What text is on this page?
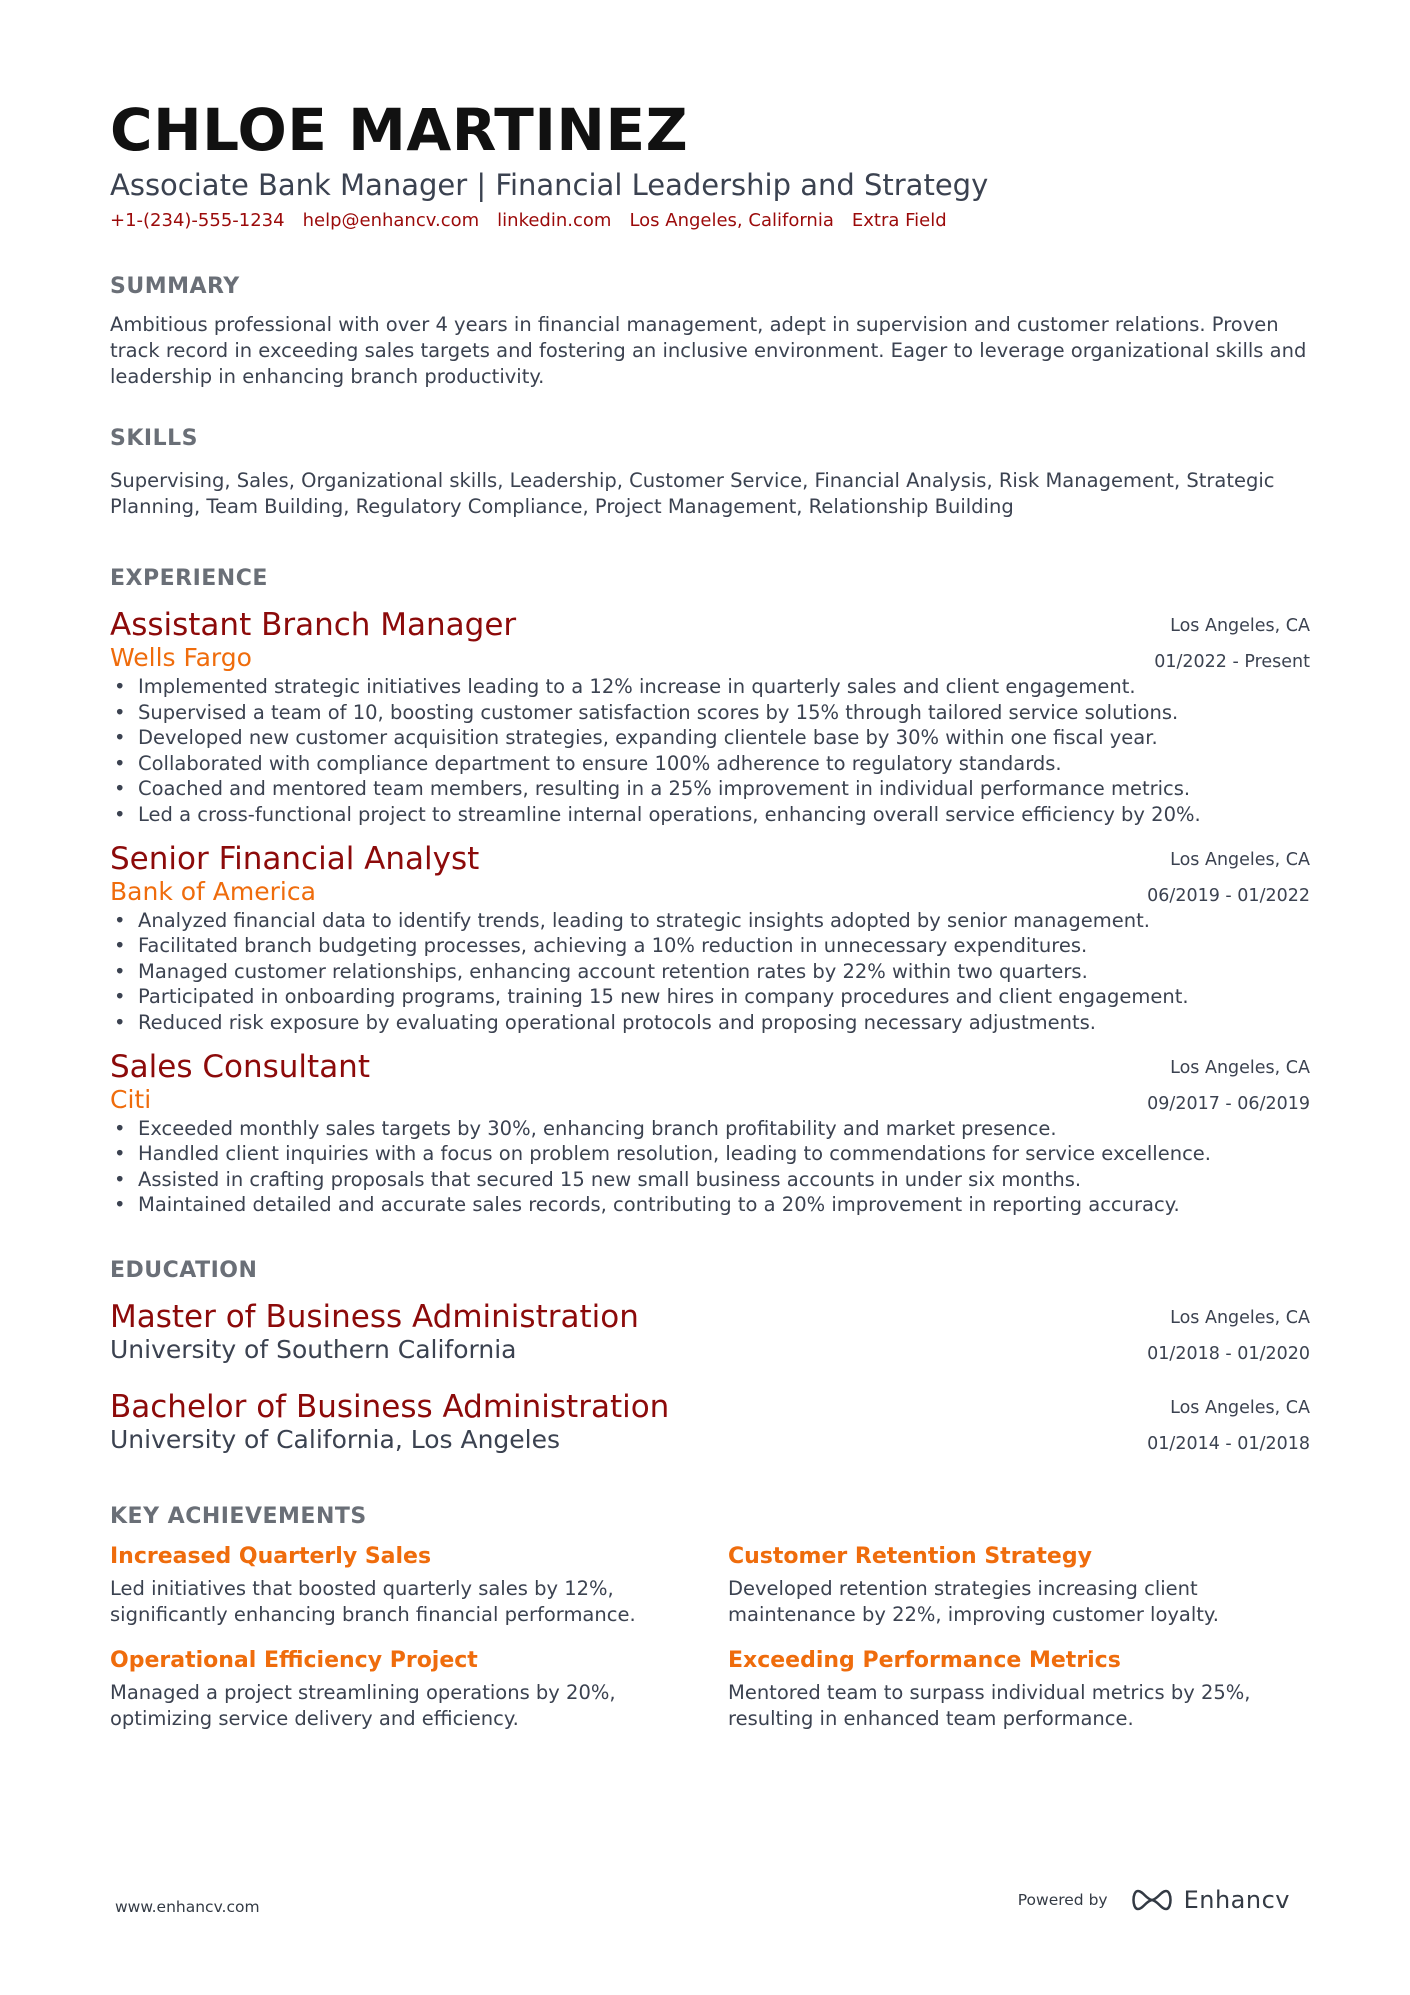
CHLOE MARTINEZ
Associate Bank Manager | Financial Leadership and Strategy
+1-(234)-555-1234 help@enhancv.com linkedin.com Los Angeles, California Extra Field
SUMMARY
Ambitious professional with over 4 years in financial management, adept in supervision and customer relations. Proven track record in exceeding sales targets and fostering an inclusive environment. Eager to leverage organizational skills and leadership in enhancing branch productivity.
SKILLS
Supervising, Sales, Organizational skills, Leadership, Customer Service, Financial Analysis, Risk Management, Strategic Planning, Team Building, Regulatory Compliance, Project Management, Relationship Building
EXPERIENCE
Assistant Branch Manager
Wells Fargo
Los Angeles, CA
01/2022 - Present
• Implemented strategic initiatives leading to a 12% increase in quarterly sales and client engagement.
• Supervised a team of 10, boosting customer satisfaction scores by 15% through tailored service solutions.
• Developed new customer acquisition strategies, expanding clientele base by 30% within one fiscal year.
• Collaborated with compliance department to ensure 100% adherence to regulatory standards.
• Coached and mentored team members, resulting in a 25% improvement in individual performance metrics.
• Led a cross-functional project to streamline internal operations, enhancing overall service efficiency by 20%.
Senior Financial Analyst
Bank of America
Los Angeles, CA
06/2019 - 01/2022
• Analyzed financial data to identify trends, leading to strategic insights adopted by senior management.
• Facilitated branch budgeting processes, achieving a 10% reduction in unnecessary expenditures.
• Managed customer relationships, enhancing account retention rates by 22% within two quarters.
• Participated in onboarding programs, training 15 new hires in company procedures and client engagement.
• Reduced risk exposure by evaluating operational protocols and proposing necessary adjustments.
Sales Consultant
Citi
Los Angeles, CA
09/2017 - 06/2019
• Exceeded monthly sales targets by 30%, enhancing branch profitability and market presence.
• Handled client inquiries with a focus on problem resolution, leading to commendations for service excellence.
• Assisted in crafting proposals that secured 15 new small business accounts in under six months.
• Maintained detailed and accurate sales records, contributing to a 20% improvement in reporting accuracy.
EDUCATION
Master of Business Administration
University of Southern California
Los Angeles, CA
01/2018 - 01/2020
Bachelor of Business Administration
University of California, Los Angeles
Los Angeles, CA
01/2014 - 01/2018
KEY ACHIEVEMENTS
Increased Quarterly Sales
Led initiatives that boosted quarterly sales by 12%, significantly enhancing branch financial performance.
Customer Retention Strategy
Developed retention strategies increasing client maintenance by 22%, improving customer loyalty.
Operational Efficiency Project
Managed a project streamlining operations by 20%, optimizing service delivery and efficiency.
Exceeding Performance Metrics
Mentored team to surpass individual metrics by 25%, resulting in enhanced team performance.
www.enhancv.com	Powered by	Enhancv
